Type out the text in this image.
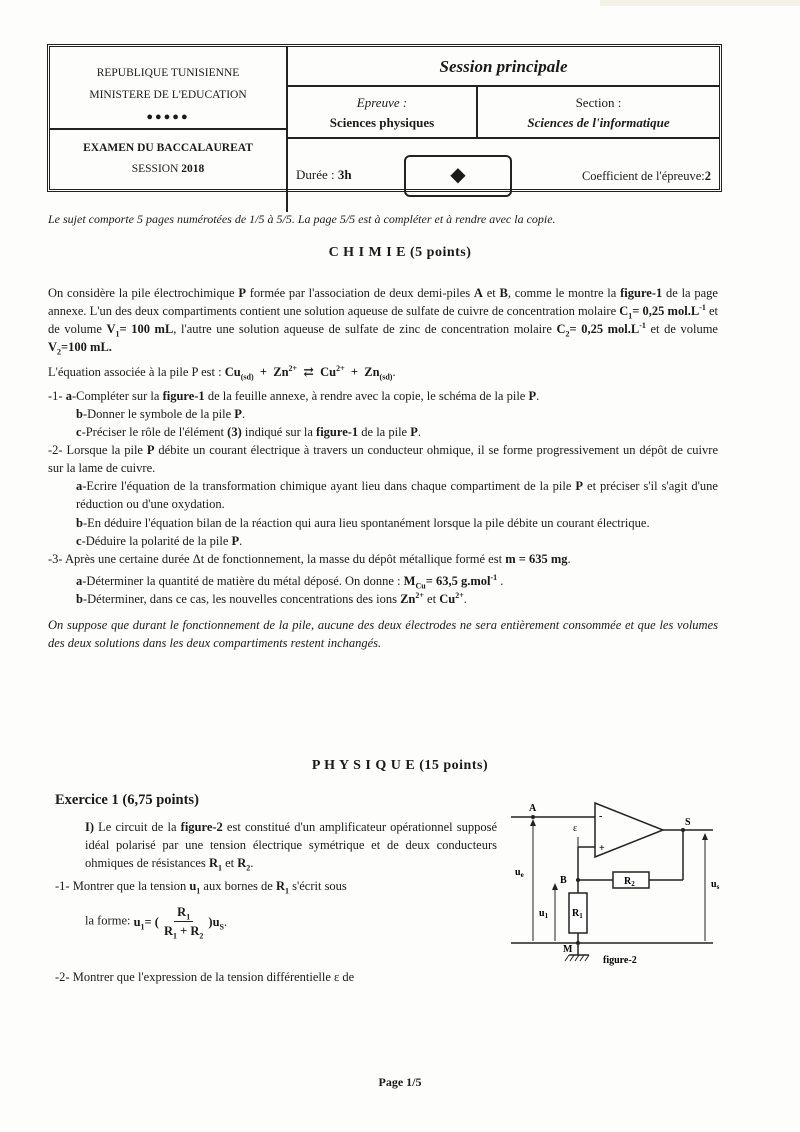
REPUBLIQUE TUNISIENNE
MINISTERE DE L'EDUCATION
●●●●●
EXAMEN DU BACCALAUREAT
SESSION 2018
Session principale
Epreuve :
Sciences physiques
Section :
Sciences de l'informatique
Durée : 3h	◆	Coefficient de l'épreuve:2
Le sujet comporte 5 pages numérotées de 1/5 à 5/5. La page 5/5 est à compléter et à rendre avec la copie.
C H I M I E (5 points)

On considère la pile électrochimique P formée par l'association de deux demi-piles A et B, comme le montre la figure-1 de la page annexe. L'un des deux compartiments contient une solution aqueuse de sulfate de cuivre de concentration molaire $C_1= 0,25$ $mol.L^{-1}$ et de volume $V_1= 100$ mL, l'autre une solution aqueuse de sulfate de zinc de concentration molaire $C_2= 0,25$ $mol.L^{-1}$ et de volume $V_2=100$ mL.

L'équation associée à la pile P est : $Cu_{(sd)} + Zn^{2+}$  ⇄  $Cu^{2+} + Zn_{(sd)}$.

-1- a-Compléter sur la figure-1 de la feuille annexe, à rendre avec la copie, le schéma de la pile P.

b-Donner le symbole de la pile P.

c-Préciser le rôle de l'élément (3) indiqué sur la figure-1 de la pile P.

-2- Lorsque la pile P débite un courant électrique à travers un conducteur ohmique, il se forme progressivement un dépôt de cuivre sur la lame de cuivre.

a-Ecrire l'équation de la transformation chimique ayant lieu dans chaque compartiment de la pile P et préciser s'il s'agit d'une réduction ou d'une oxydation.

b-En déduire l'équation bilan de la réaction qui aura lieu spontanément lorsque la pile débite un courant électrique.

c-Déduire la polarité de la pile P.

-3- Après une certaine durée Δt de fonctionnement, la masse du dépôt métallique formé est m = 635 mg.

a-Déterminer la quantité de matière du métal déposé. On donne : $M_{Cu}= 63,5$ g.mol$^{-1}$ .

b-Déterminer, dans ce cas, les nouvelles concentrations des ions $Zn^{2+}$ et $Cu^{2+}$.

On suppose que durant le fonctionnement de la pile, aucune des deux électrodes ne sera entièrement consommée et que les volumes des deux solutions dans les deux compartiments restent inchangés.

P H Y S I Q U E (15 points)
Exercice 1 (6,75 points)

I) Le circuit de la figure-2 est constitué d'un amplificateur opérationnel supposé idéal polarisé par une tension électrique symétrique et de deux conducteurs ohmiques de résistances $R_1$ et $R_2$.

-1- Montrer que la tension $u_1$ aux bornes de $R_1$ s'écrit sous

la forme: $u_1$ = ( $\frac{R_1}{R_1 + R_2}$ ) $u_S$ .

-2- Montrer que l'expression de la tension différentielle ε de
A
-
+
S
ε
B	$R_2$
$R_1$
M
figure-2
$u_e$
$u_1$
$u_s$
Page 1/5
